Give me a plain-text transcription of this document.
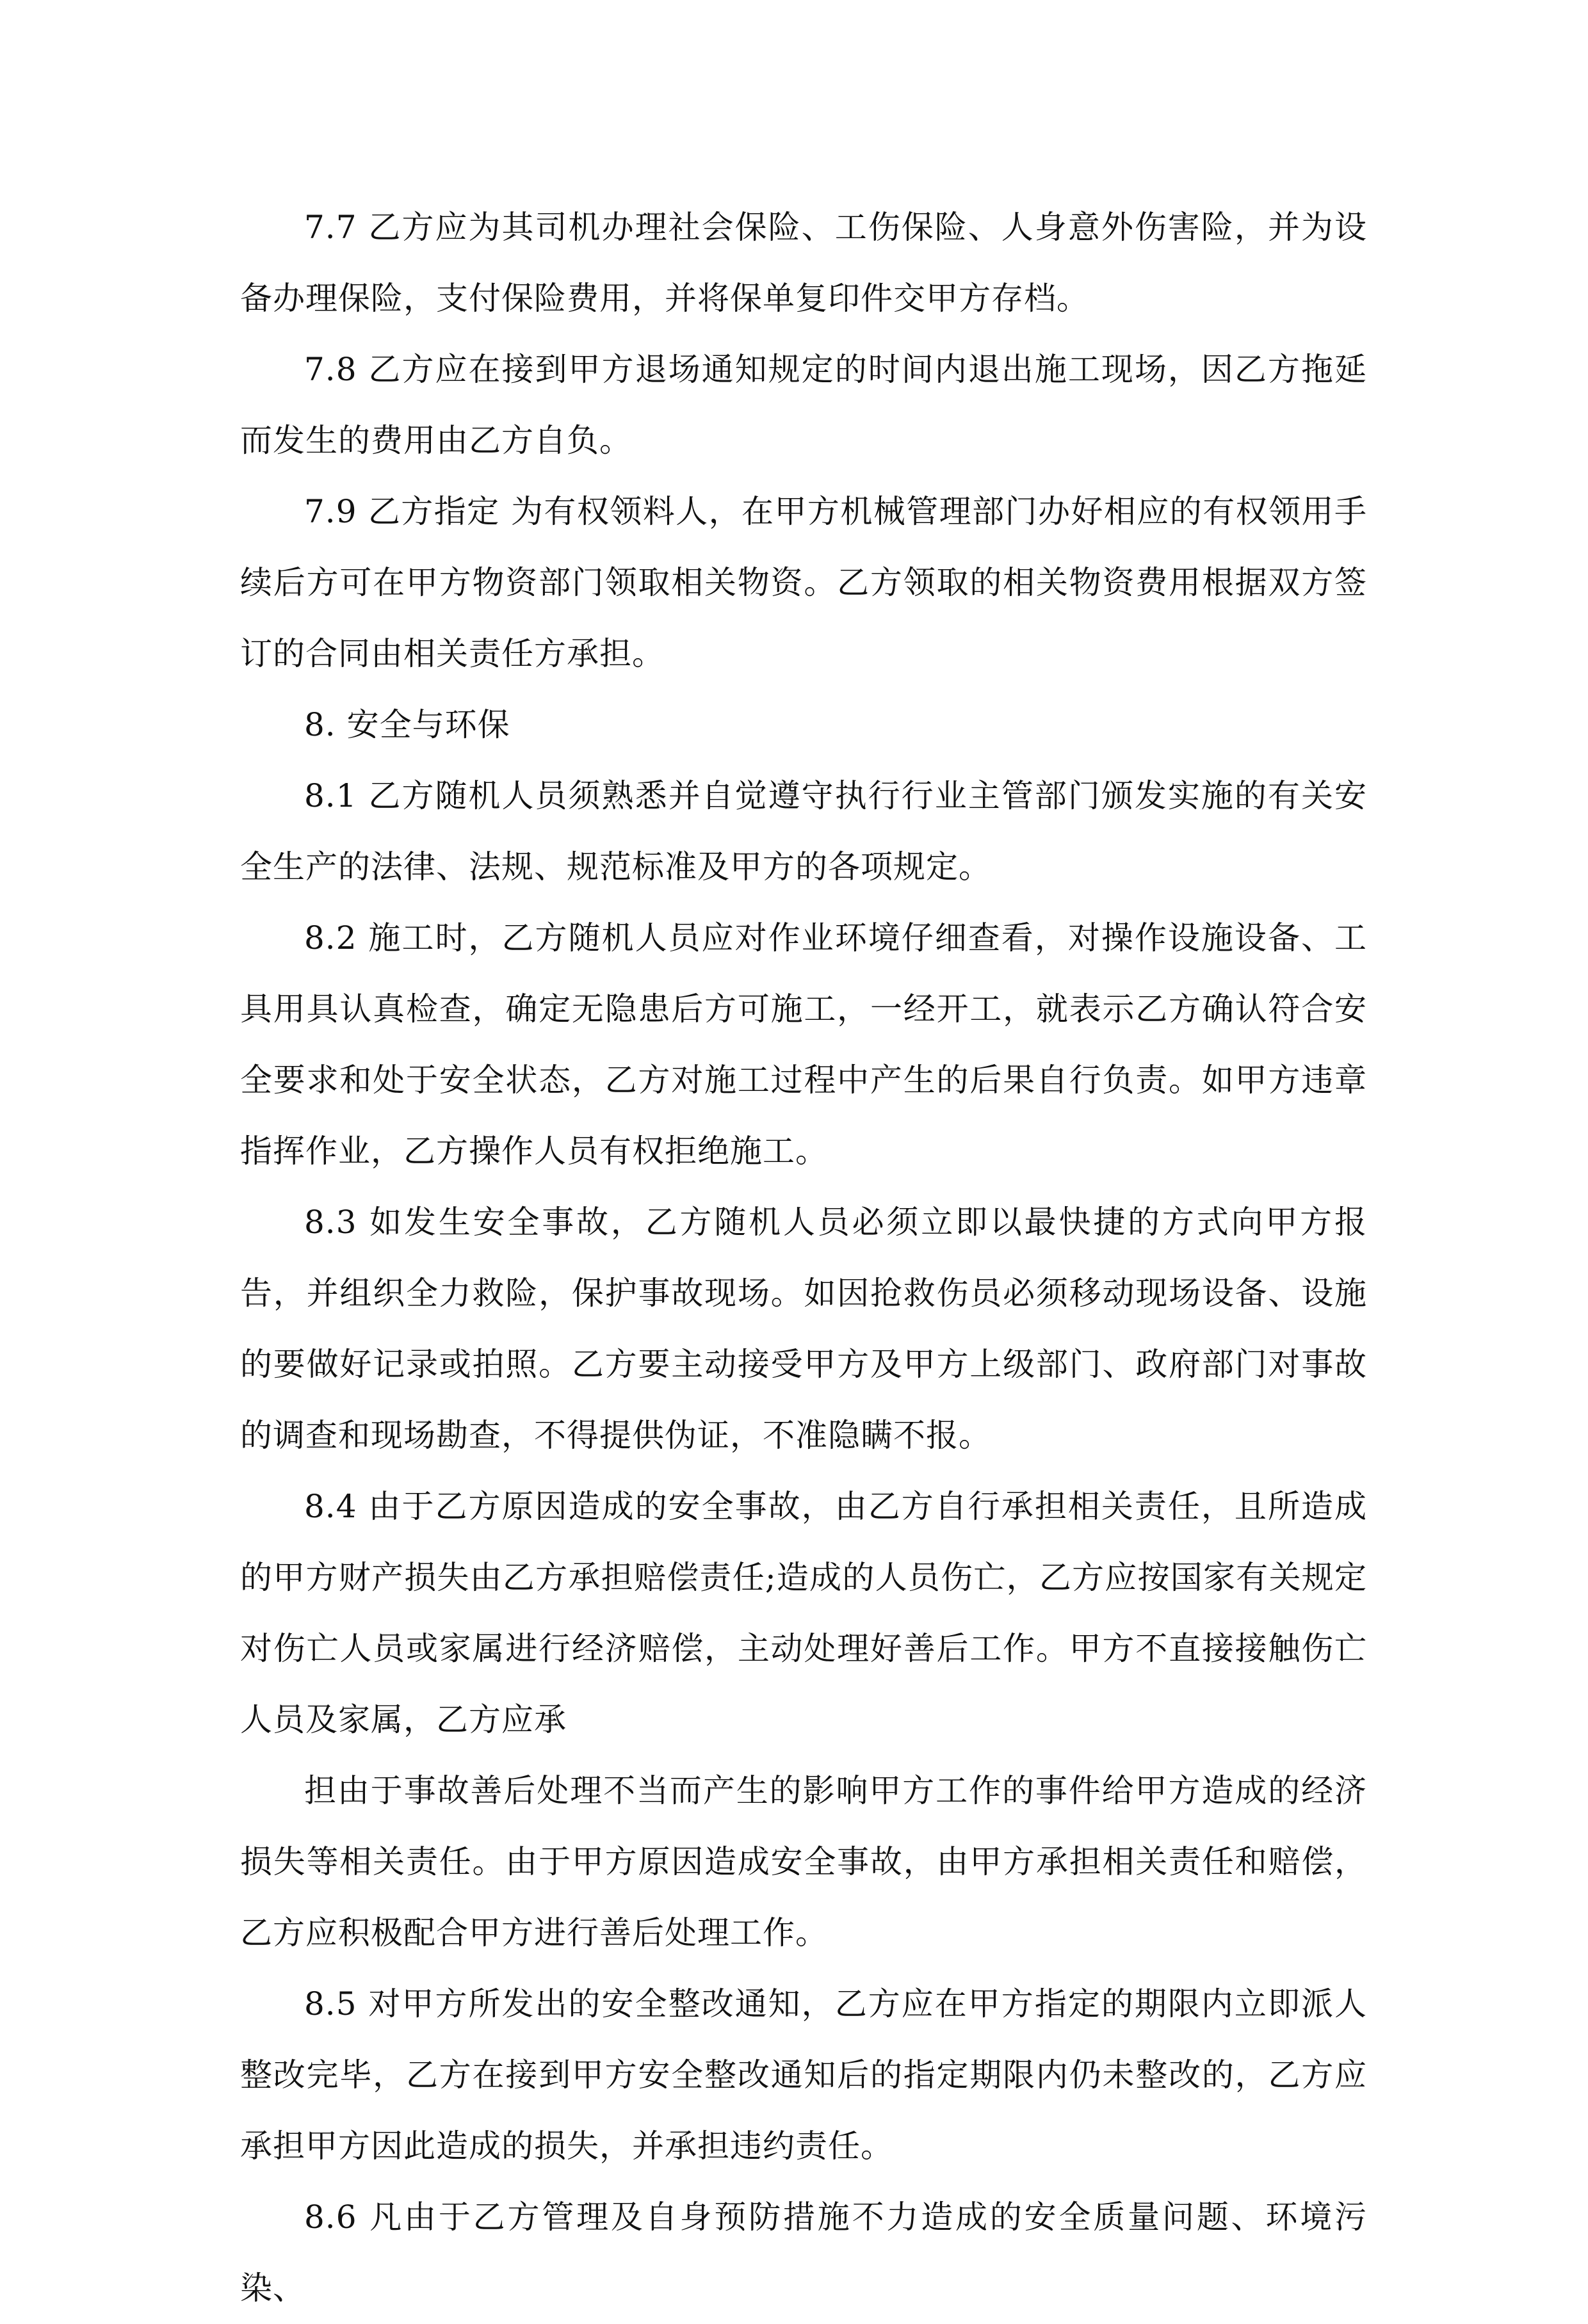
7.7 乙方应为其司机办理社会保险、工伤保险、人身意外伤害险，并为设备办理保险，支付保险费用，并将保单复印件交甲方存档。

7.8 乙方应在接到甲方退场通知规定的时间内退出施工现场，因乙方拖延而发生的费用由乙方自负。

7.9 乙方指定 为有权领料人，在甲方机械管理部门办好相应的有权领用手续后方可在甲方物资部门领取相关物资。乙方领取的相关物资费用根据双方签订的合同由相关责任方承担。

8. 安全与环保

8.1 乙方随机人员须熟悉并自觉遵守执行行业主管部门颁发实施的有关安全生产的法律、法规、规范标准及甲方的各项规定。

8.2 施工时，乙方随机人员应对作业环境仔细查看，对操作设施设备、工具用具认真检查，确定无隐患后方可施工，一经开工，就表示乙方确认符合安全要求和处于安全状态，乙方对施工过程中产生的后果自行负责。如甲方违章指挥作业，乙方操作人员有权拒绝施工。

8.3 如发生安全事故，乙方随机人员必须立即以最快捷的方式向甲方报告，并组织全力救险，保护事故现场。如因抢救伤员必须移动现场设备、设施的要做好记录或拍照。乙方要主动接受甲方及甲方上级部门、政府部门对事故的调查和现场勘查，不得提供伪证，不准隐瞒不报。

8.4 由于乙方原因造成的安全事故，由乙方自行承担相关责任，且所造成的甲方财产损失由乙方承担赔偿责任;造成的人员伤亡，乙方应按国家有关规定对伤亡人员或家属进行经济赔偿，主动处理好善后工作。甲方不直接接触伤亡人员及家属，乙方应承

担由于事故善后处理不当而产生的影响甲方工作的事件给甲方造成的经济损失等相关责任。由于甲方原因造成安全事故，由甲方承担相关责任和赔偿，乙方应积极配合甲方进行善后处理工作。

8.5 对甲方所发出的安全整改通知，乙方应在甲方指定的期限内立即派人整改完毕，乙方在接到甲方安全整改通知后的指定期限内仍未整改的，乙方应承担甲方因此造成的损失，并承担违约责任。

8.6 凡由于乙方管理及自身预防措施不力造成的安全质量问题、环境污染、
